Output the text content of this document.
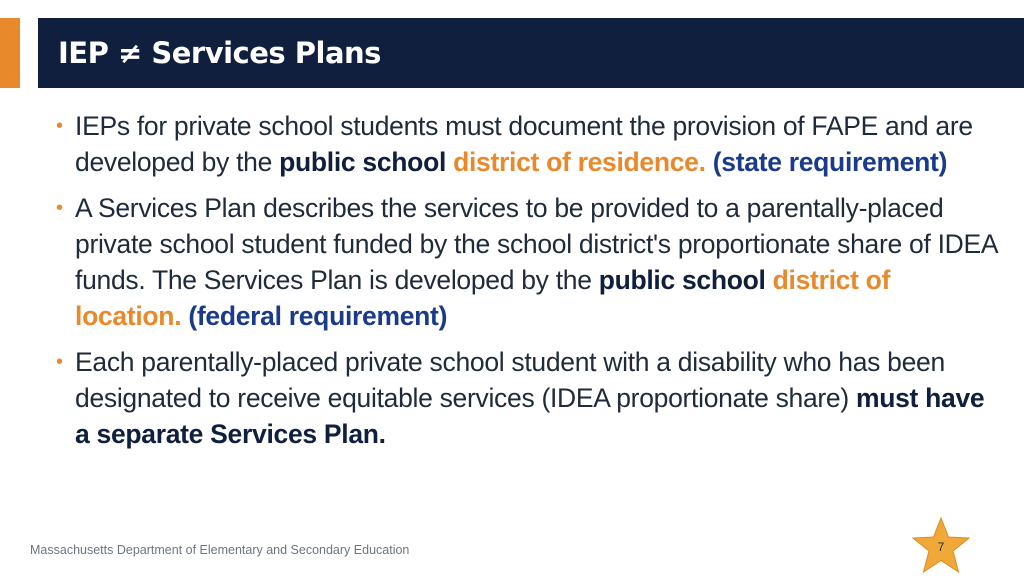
IEP ≠ Services Plans
• IEPs for private school students must document the provision of FAPE and are developed by the public school district of residence. (state requirement)
• A Services Plan describes the services to be provided to a parentally-placed private school student funded by the school district's proportionate share of IDEA funds. The Services Plan is developed by the public school district of location. (federal requirement)
• Each parentally-placed private school student with a disability who has been designated to receive equitable services (IDEA proportionate share) must have a separate Services Plan.
Massachusetts Department of Elementary and Secondary Education	7
